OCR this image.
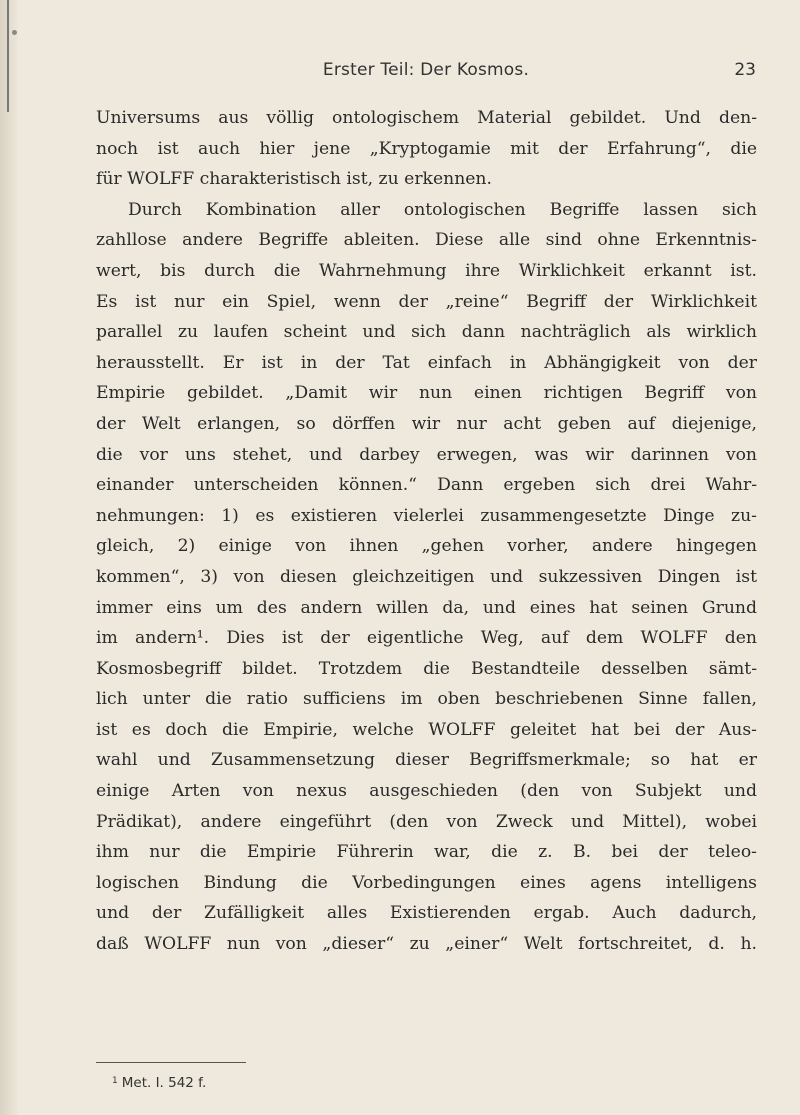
Erster Teil: Der Kosmos.	23
Universums aus völlig ontologischem Material gebildet. Und den-
noch ist auch hier jene „Kryptogamie mit der Erfahrung“, die
für WOLFF charakteristisch ist, zu erkennen.
Durch Kombination aller ontologischen Begriffe lassen sich
zahllose andere Begriffe ableiten. Diese alle sind ohne Erkenntnis-
wert, bis durch die Wahrnehmung ihre Wirklichkeit erkannt ist.
Es ist nur ein Spiel, wenn der „reine“ Begriff der Wirklichkeit
parallel zu laufen scheint und sich dann nachträglich als wirklich
herausstellt. Er ist in der Tat einfach in Abhängigkeit von der
Empirie gebildet. „Damit wir nun einen richtigen Begriff von
der Welt erlangen, so dörffen wir nur acht geben auf diejenige,
die vor uns stehet, und darbey erwegen, was wir darinnen von
einander unterscheiden können.“ Dann ergeben sich drei Wahr-
nehmungen: 1) es existieren vielerlei zusammengesetzte Dinge zu-
gleich, 2) einige von ihnen „gehen vorher, andere hingegen
kommen“, 3) von diesen gleichzeitigen und sukzessiven Dingen ist
immer eins um des andern willen da, und eines hat seinen Grund
im andern¹. Dies ist der eigentliche Weg, auf dem WOLFF den
Kosmosbegriff bildet. Trotzdem die Bestandteile desselben sämt-
lich unter die ratio sufficiens im oben beschriebenen Sinne fallen,
ist es doch die Empirie, welche WOLFF geleitet hat bei der Aus-
wahl und Zusammensetzung dieser Begriffsmerkmale; so hat er
einige Arten von nexus ausgeschieden (den von Subjekt und
Prädikat), andere eingeführt (den von Zweck und Mittel), wobei
ihm nur die Empirie Führerin war, die z. B. bei der teleo-
logischen Bindung die Vorbedingungen eines agens intelligens
und der Zufälligkeit alles Existierenden ergab. Auch dadurch,
daß WOLFF nun von „dieser“ zu „einer“ Welt fortschreitet, d. h.
$^1$ Met. I. 542 f.
